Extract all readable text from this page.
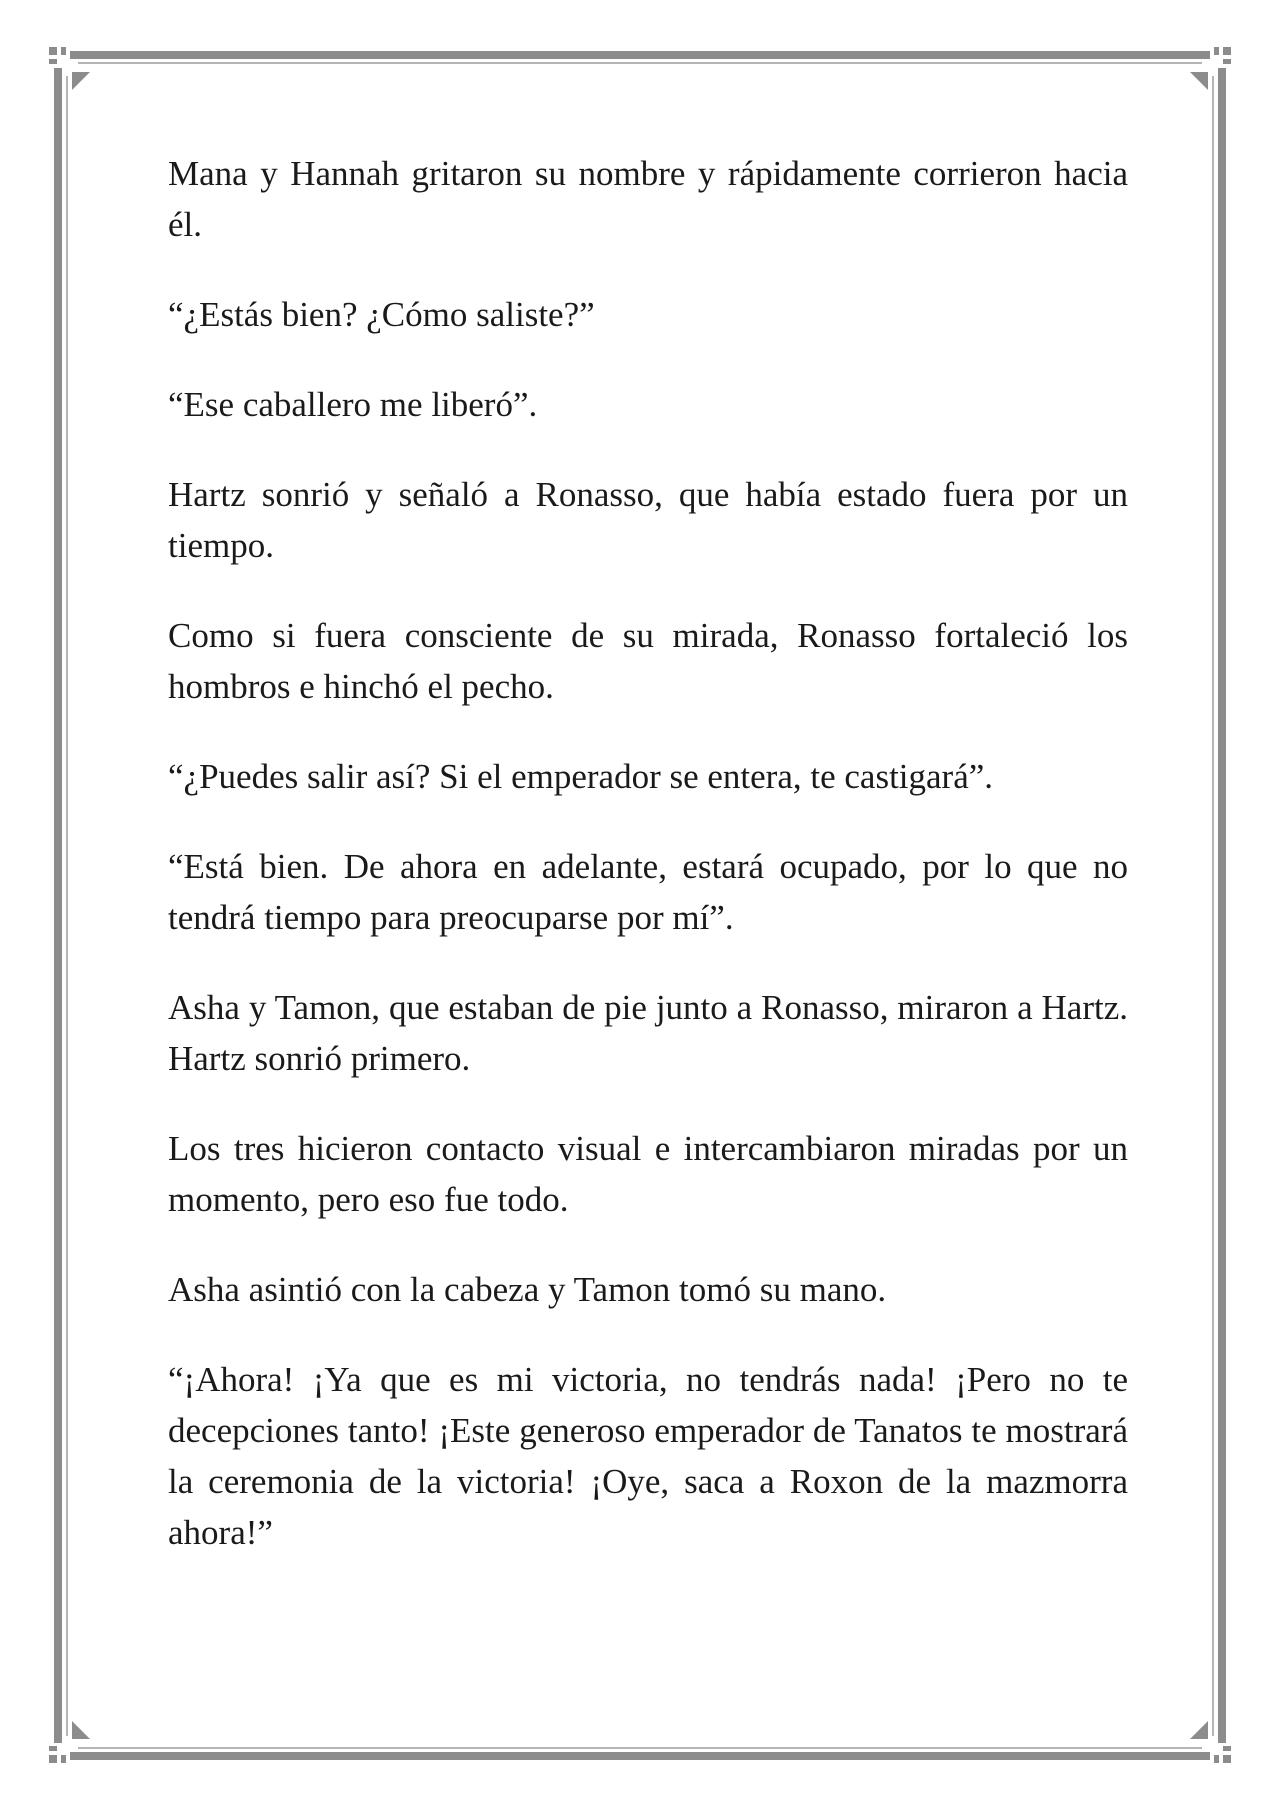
Mana y Hannah gritaron su nombre y rápidamente corrieron hacia él.

“¿Estás bien? ¿Cómo saliste?”

“Ese caballero me liberó”.

Hartz sonrió y señaló a Ronasso, que había estado fuera por un tiempo.

Como si fuera consciente de su mirada, Ronasso fortaleció los hombros e hinchó el pecho.

“¿Puedes salir así? Si el emperador se entera, te castigará”.

“Está bien. De ahora en adelante, estará ocupado, por lo que no tendrá tiempo para preocuparse por mí”.

Asha y Tamon, que estaban de pie junto a Ronasso, miraron a Hartz. Hartz sonrió primero.

Los tres hicieron contacto visual e intercambiaron miradas por un momento, pero eso fue todo.

Asha asintió con la cabeza y Tamon tomó su mano.

“¡Ahora! ¡Ya que es mi victoria, no tendrás nada! ¡Pero no te decepciones tanto! ¡Este generoso emperador de Tanatos te mostrará la ceremonia de la victoria! ¡Oye, saca a Roxon de la mazmorra ahora!”
